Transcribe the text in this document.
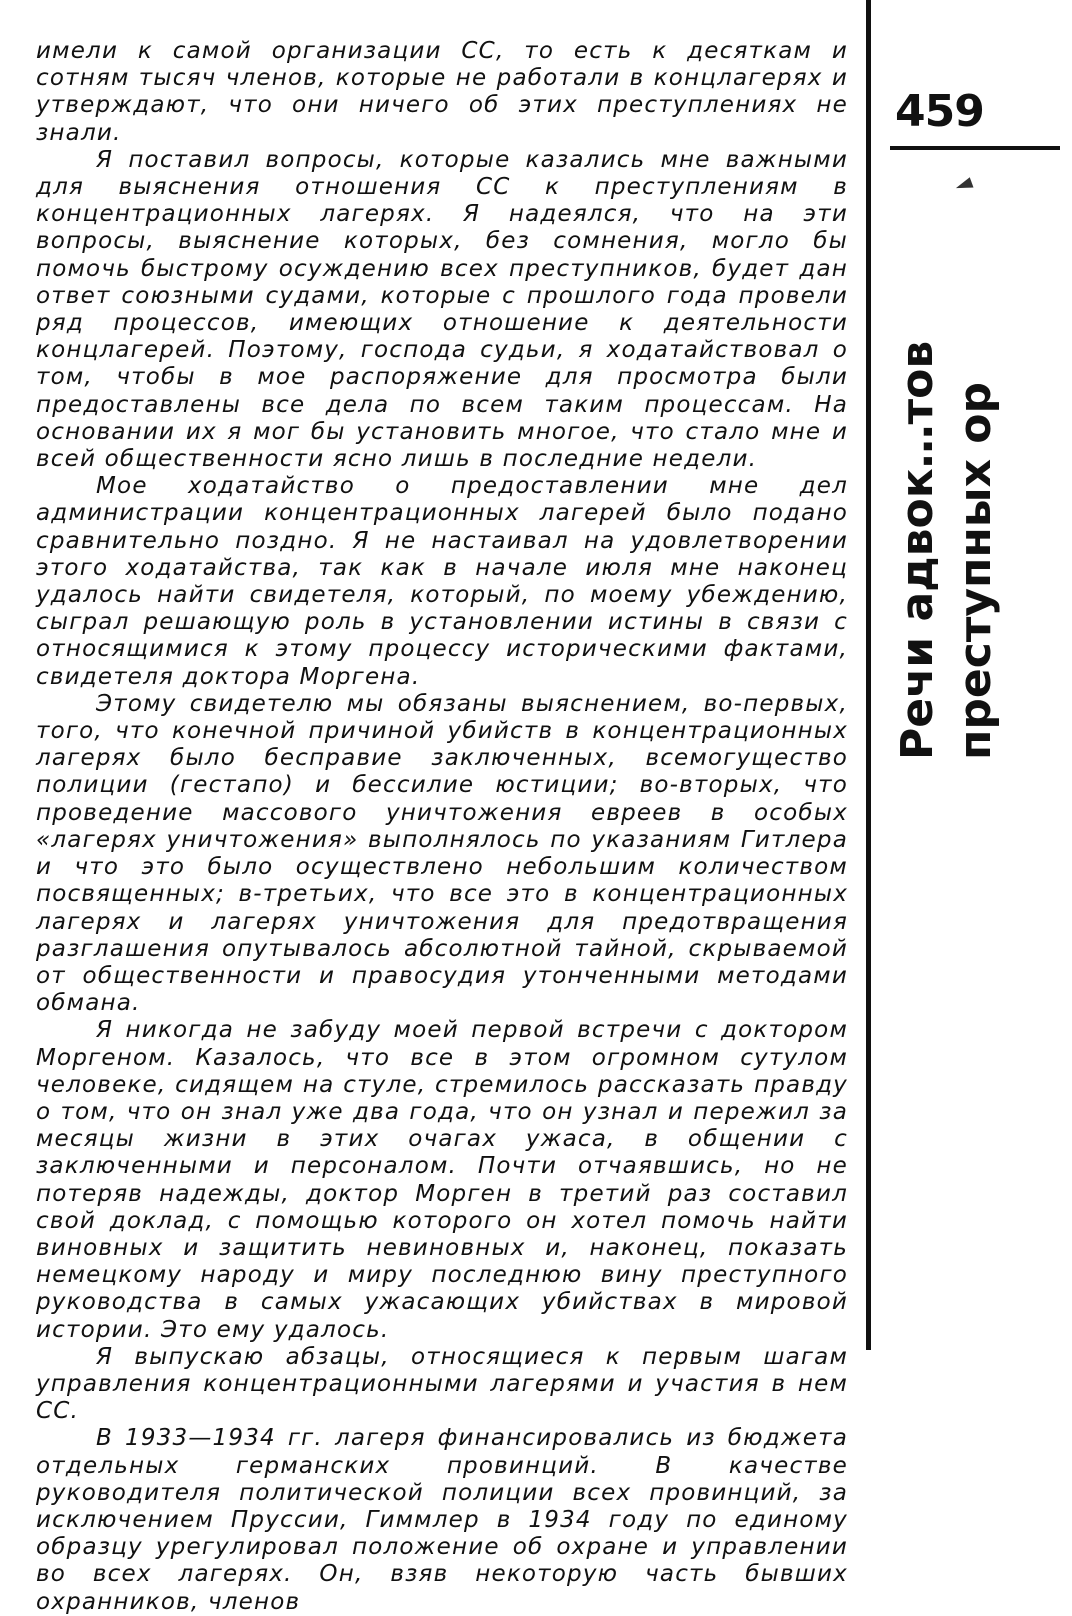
имели к самой организации СС, то есть к десяткам и сотням тысяч членов, которые не работали в концлагерях и утверждают, что они ничего об этих преступлениях не знали.

Я поставил вопросы, которые казались мне важными для выяснения отношения СС к преступлениям в концентрационных лагерях. Я надеялся, что на эти вопросы, выяснение которых, без сомнения, могло бы помочь быстрому осуждению всех преступников, будет дан ответ союзными судами, которые с прошлого года провели ряд процессов, имеющих отношение к деятельности концлагерей. Поэтому, господа судьи, я ходатайствовал о том, чтобы в мое распоряжение для просмотра были предоставлены все дела по всем таким процессам. На основании их я мог бы установить многое, что стало мне и всей общественности ясно лишь в последние недели.

Мое ходатайство о предоставлении мне дел администрации концентрационных лагерей было подано сравнительно поздно. Я не настаивал на удовлетворении этого ходатайства, так как в начале июля мне наконец удалось найти свидетеля, который, по моему убеждению, сыграл решающую роль в установлении истины в связи с относящимися к этому процессу историческими фактами, свидетеля доктора Моргена.

Этому свидетелю мы обязаны выяснением, во-первых, того, что конечной причиной убийств в концентрационных лагерях было бесправие заключенных, всемогущество полиции (гестапо) и бессилие юстиции; во-вторых, что проведение массового уничтожения евреев в особых «лагерях уничтожения» выполнялось по указаниям Гитлера и что это было осуществлено небольшим количеством посвященных; в-третьих, что все это в концентрационных лагерях и лагерях уничтожения для предотвращения разглашения опутывалось абсолютной тайной, скрываемой от общественности и правосудия утонченными методами обмана.

Я никогда не забуду моей первой встречи с доктором Моргеном. Казалось, что все в этом огромном сутулом человеке, сидящем на стуле, стремилось рассказать правду о том, что он знал уже два года, что он узнал и пережил за месяцы жизни в этих очагах ужаса, в общении с заключенными и персоналом. Почти отчаявшись, но не потеряв надежды, доктор Морген в третий раз составил свой доклад, с помощью которого он хотел помочь найти виновных и защитить невиновных и, наконец, показать немецкому народу и миру последнюю вину преступного руководства в самых ужасающих убийствах в мировой истории. Это ему удалось.

Я выпускаю абзацы, относящиеся к первым шагам управления концентрационными лагерями и участия в нем СС.

В 1933—1934 гг. лагеря финансировались из бюджета отдельных германских провинций. В качестве руководителя политической полиции всех провинций, за исключением Пруссии, Гиммлер в 1934 году по единому образцу урегулировал положение об охране и управлении во всех лагерях. Он, взяв некоторую часть бывших охранников, членов

459
◄
Речи адвок…тов преступных ор
